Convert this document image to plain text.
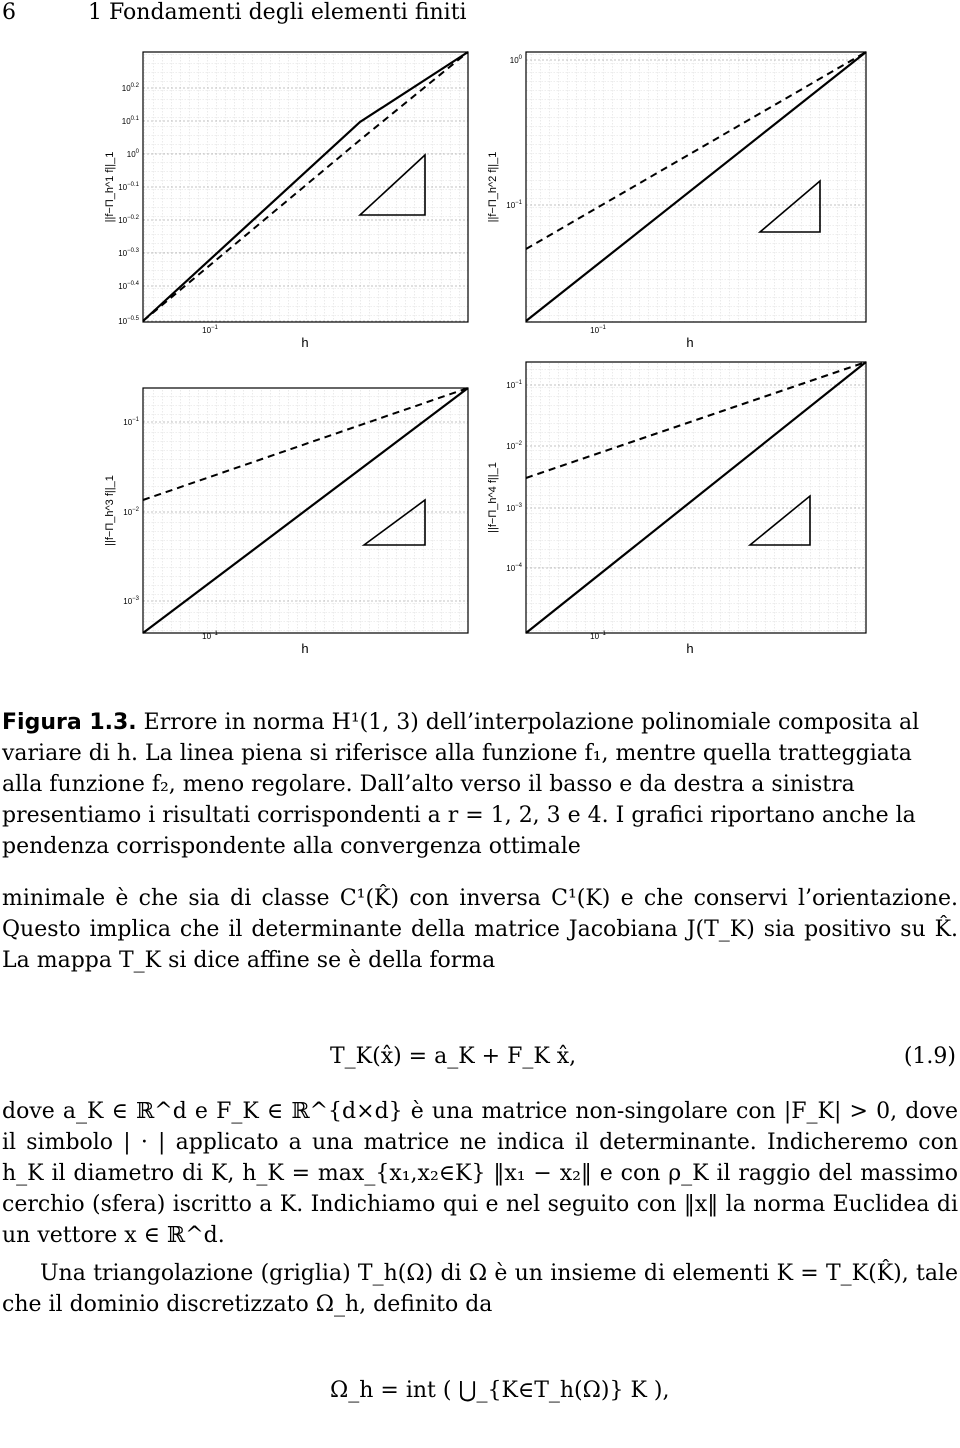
6	1 Fondamenti degli elementi finiti
$10^{0.2}$
$10^{0.1}$
$10^0$
$10^{-0.1}$
$10^{-0.2}$
$10^{-0.3}$
$10^{-0.4}$
$10^{-0.5}$
$10^{-1}$
h
||f−Π_h^1 f||_1
$10^0$
$10^{-1}$
$10^{-1}$
h
||f−Π_h^2 f||_1
$10^{-1}$
$10^{-2}$
$10^{-3}$
$10^{-1}$
h
||f−Π_h^3 f||_1
$10^{-1}$
$10^{-2}$
$10^{-3}$
$10^{-4}$
$10^{-1}$
h
||f−Π_h^4 f||_1
Figura 1.3. Errore in norma H¹(1, 3) dell’interpolazione polinomiale composita al variare di h. La linea piena si riferisce alla funzione f₁, mentre quella tratteggiata alla funzione f₂, meno regolare. Dall’alto verso il basso e da destra a sinistra presentiamo i risultati corrispondenti a r = 1, 2, 3 e 4. I grafici riportano anche la pendenza corrispondente alla convergenza ottimale
minimale è che sia di classe C¹(K̂) con inversa C¹(K) e che conservi l’orientazione. Questo implica che il determinante della matrice Jacobiana J(T_K) sia positivo su K̂. La mappa T_K si dice affine se è della forma
T_K(x̂) = a_K + F_K x̂,	(1.9)
dove a_K ∈ ℝ^d e F_K ∈ ℝ^{d×d} è una matrice non-singolare con |F_K| > 0, dove il simbolo | · | applicato a una matrice ne indica il determinante. Indicheremo con h_K il diametro di K, h_K = max_{x₁,x₂∈K} ‖x₁ − x₂‖ e con ρ_K il raggio del massimo cerchio (sfera) iscritto a K. Indichiamo qui e nel seguito con ‖x‖ la norma Euclidea di un vettore x ∈ ℝ^d.
Una triangolazione (griglia) T_h(Ω) di Ω è un insieme di elementi K = T_K(K̂), tale che il dominio discretizzato Ω_h, definito da
Ω_h = int ( ⋃_{K∈T_h(Ω)} K ),
